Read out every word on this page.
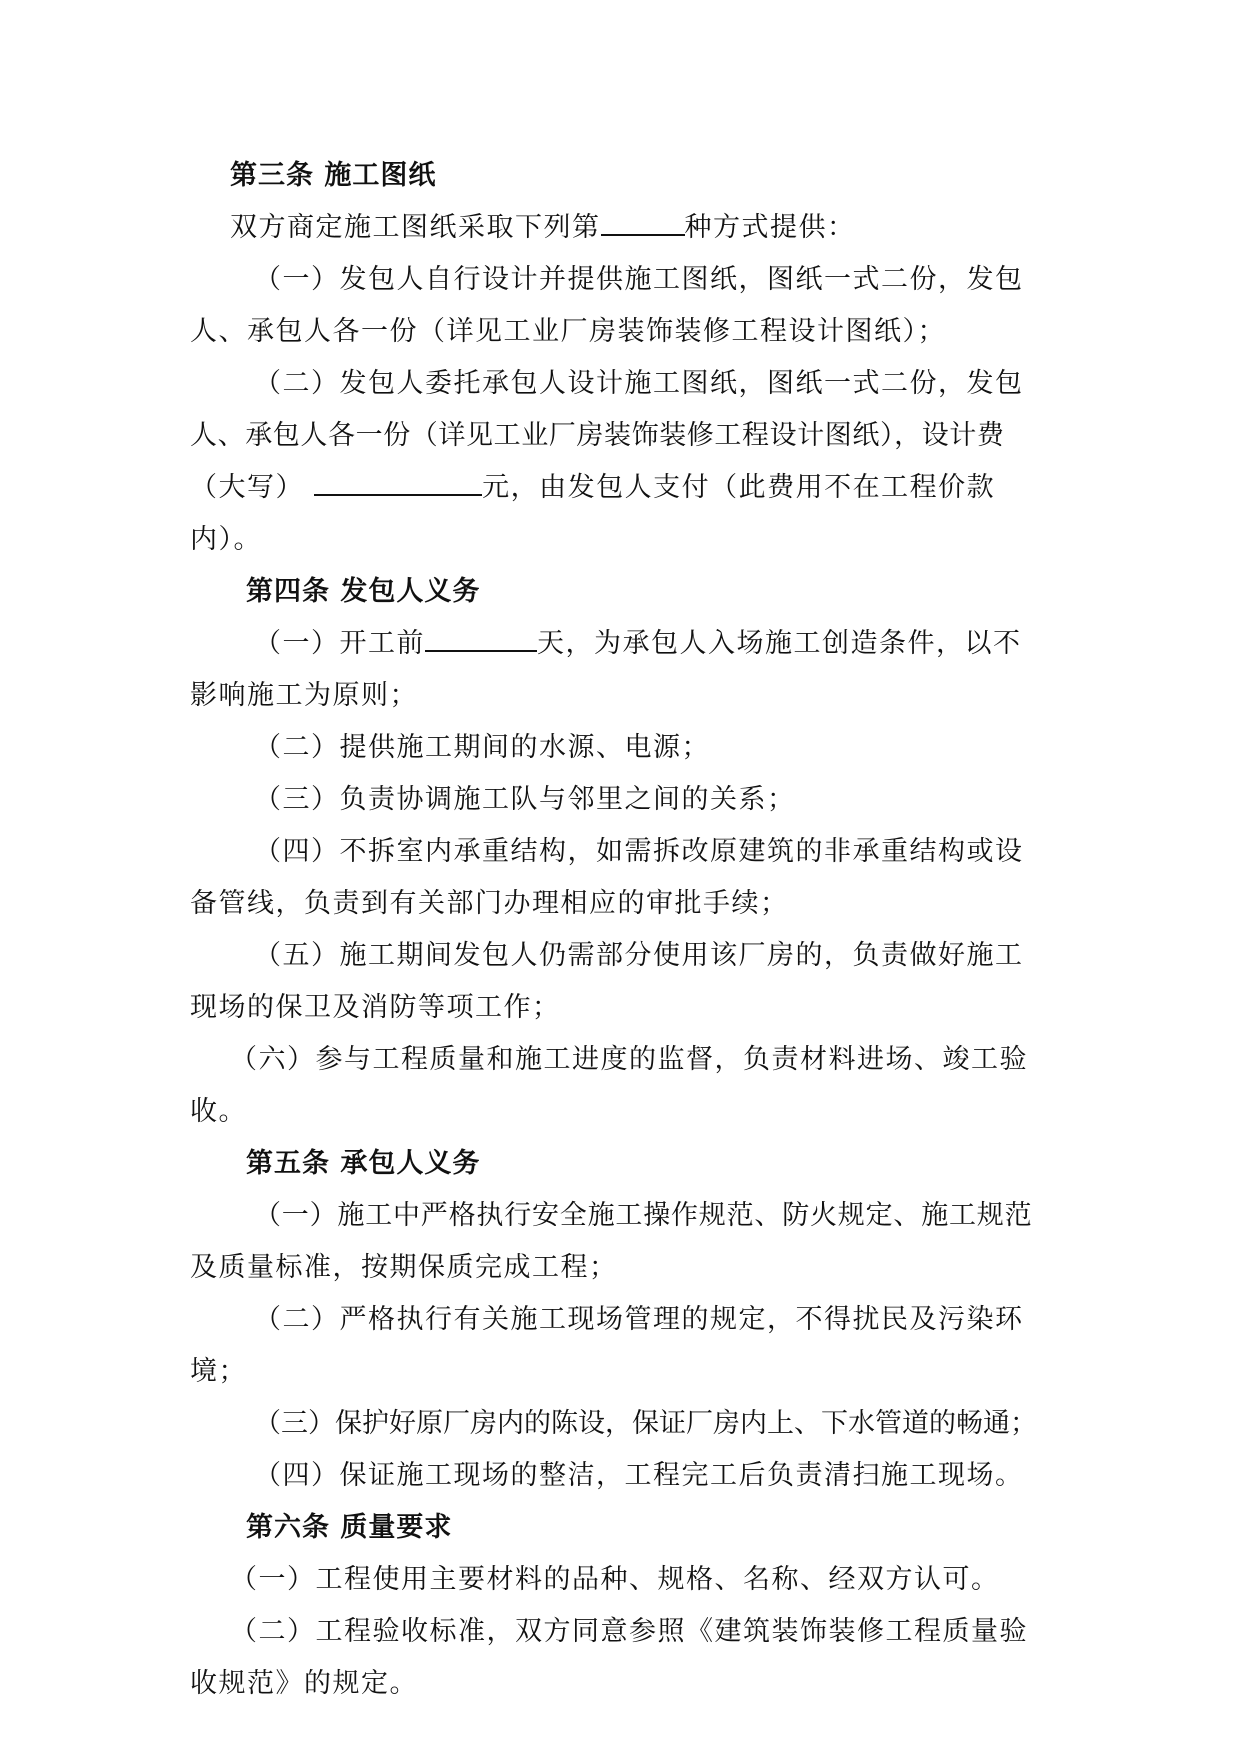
第三条 施工图纸
双方商定施工图纸采取下列第	种方式提供：
（一）发包人自行设计并提供施工图纸，图纸一式二份，发包
人、承包人各一份（详见工业厂房装饰装修工程设计图纸）；
（二）发包人委托承包人设计施工图纸，图纸一式二份，发包
人、承包人各一份（详见工业厂房装饰装修工程设计图纸），设计费
（大写）	元，由发包人支付（此费用不在工程价款
内）。
第四条 发包人义务
（一）开工前	天，为承包人入场施工创造条件，以不
影响施工为原则；
（二）提供施工期间的水源、电源；
（三）负责协调施工队与邻里之间的关系；
（四）不拆室内承重结构，如需拆改原建筑的非承重结构或设
备管线，负责到有关部门办理相应的审批手续；
（五）施工期间发包人仍需部分使用该厂房的，负责做好施工
现场的保卫及消防等项工作；
（六）参与工程质量和施工进度的监督，负责材料进场、竣工验
收。
第五条 承包人义务
（一）施工中严格执行安全施工操作规范、防火规定、施工规范
及质量标准，按期保质完成工程；
（二）严格执行有关施工现场管理的规定，不得扰民及污染环
境；
（三）保护好原厂房内的陈设，保证厂房内上、下水管道的畅通；
（四）保证施工现场的整洁，工程完工后负责清扫施工现场。
第六条 质量要求
（一）工程使用主要材料的品种、规格、名称、经双方认可。
（二）工程验收标准，双方同意参照《建筑装饰装修工程质量验
收规范》的规定。
